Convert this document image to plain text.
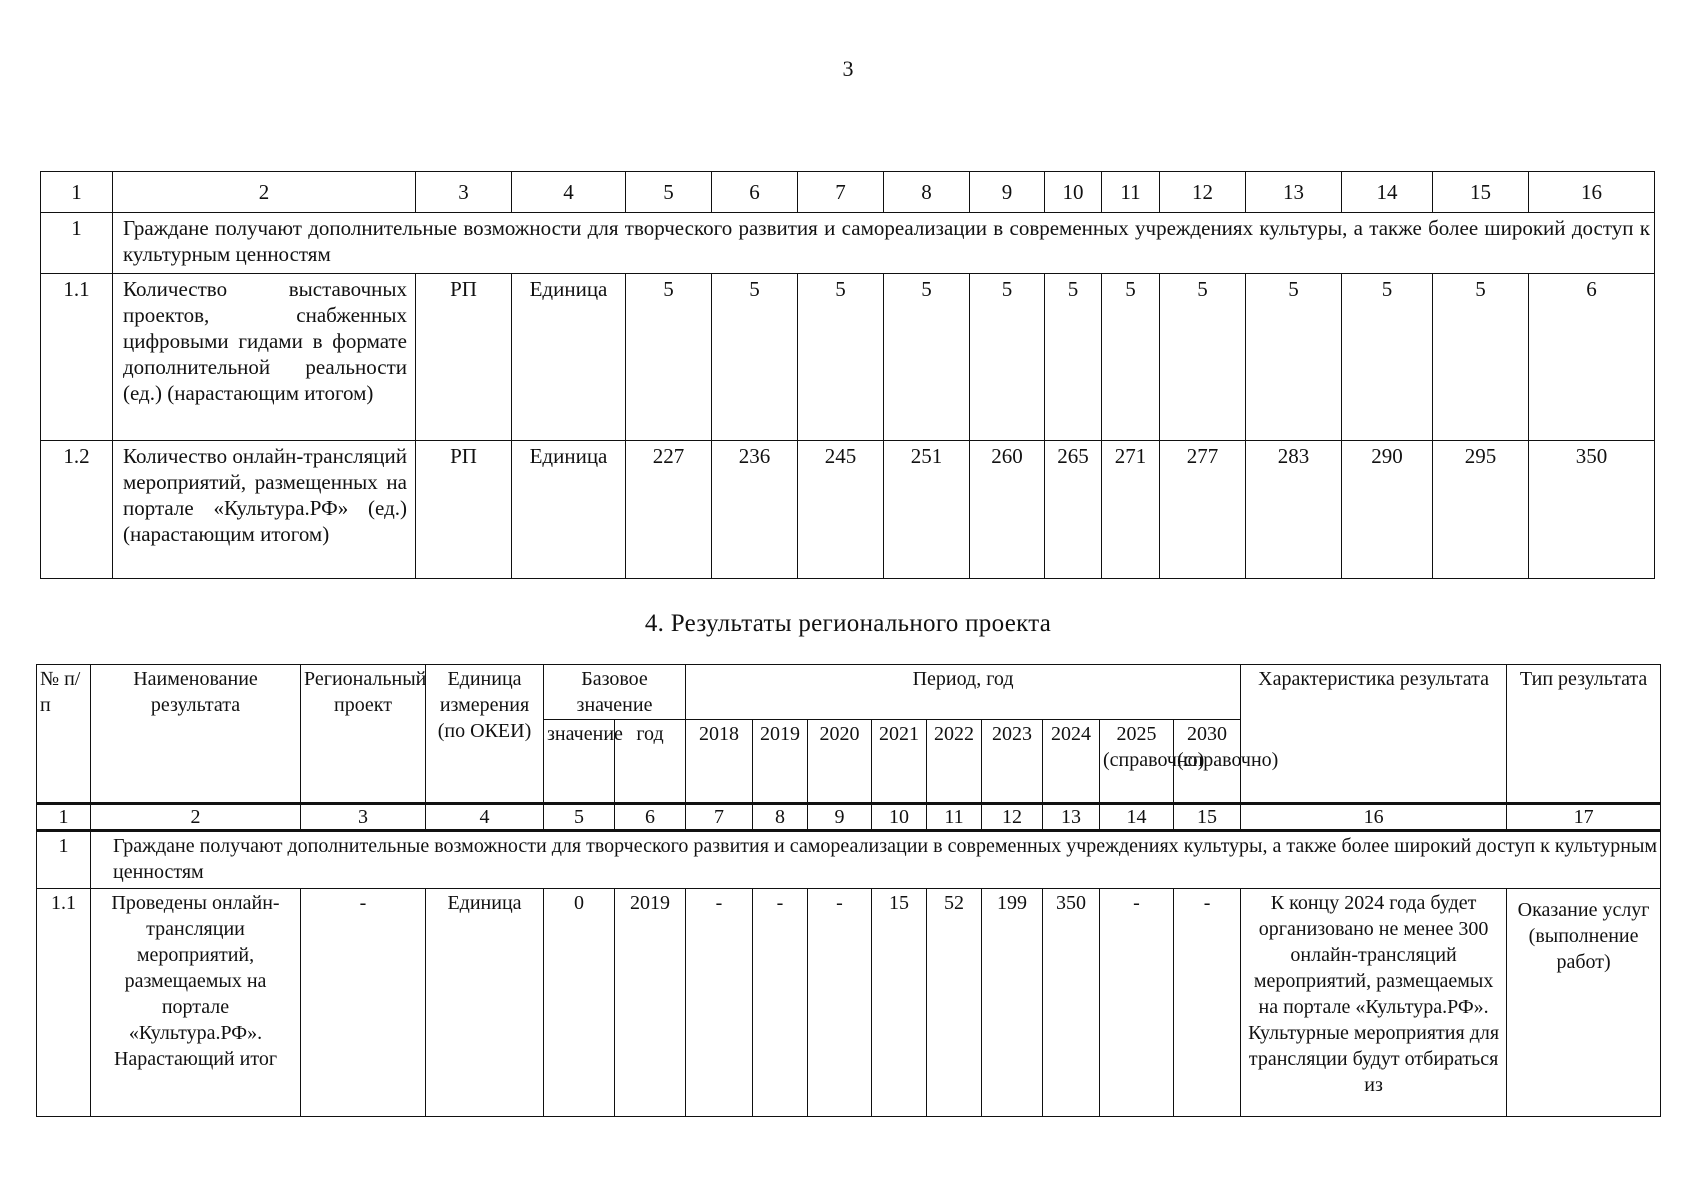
3
1	2	3	4	5	6	7	8	9	10	11	12	13	14	15	16
1	Граждане получают дополнительные возможности для творческого развития и самореализации в современных учреждениях культуры, а также более широкий доступ к культурным ценностям														
1.1	Количество выставочных проектов, снабженных цифровыми гидами в формате дополнительной реальности (ед.) (нарастающим итогом)	РП	Единица	5	5	5	5	5	5	5	5	5	5	5	6
1.2	Количество онлайн-трансляций мероприятий, размещенных на портале «Культура.РФ» (ед.) (нарастающим итогом)	РП	Единица	227	236	245	251	260	265	271	277	283	290	295	350
4. Результаты регионального проекта
№ п/п	Наименование результата	Региональный проект	Единица измерения (по ОКЕИ)	Базовое значение		Период, год									Характеристика результата	Тип результата
				значение	год	2018	2019	2020	2021	2022	2023	2024	2025 (справочно)	2030 (справочно)		
1	2	3	4	5	6	7	8	9	10	11	12	13	14	15	16	17
1	Граждане получают дополнительные возможности для творческого развития и самореализации в современных учреждениях культуры, а также более широкий доступ к культурным ценностям															
1.1	Проведены онлайн-трансляции мероприятий, размещаемых на портале «Культура.РФ». Нарастающий итог	-	Единица	0	2019	-	-	-	15	52	199	350	-	-	К концу 2024 года будет организовано не менее 300 онлайн-трансляций мероприятий, размещаемых на портале «Культура.РФ». Культурные мероприятия для трансляции будут отбираться из	Оказание услуг (выполнение работ)
